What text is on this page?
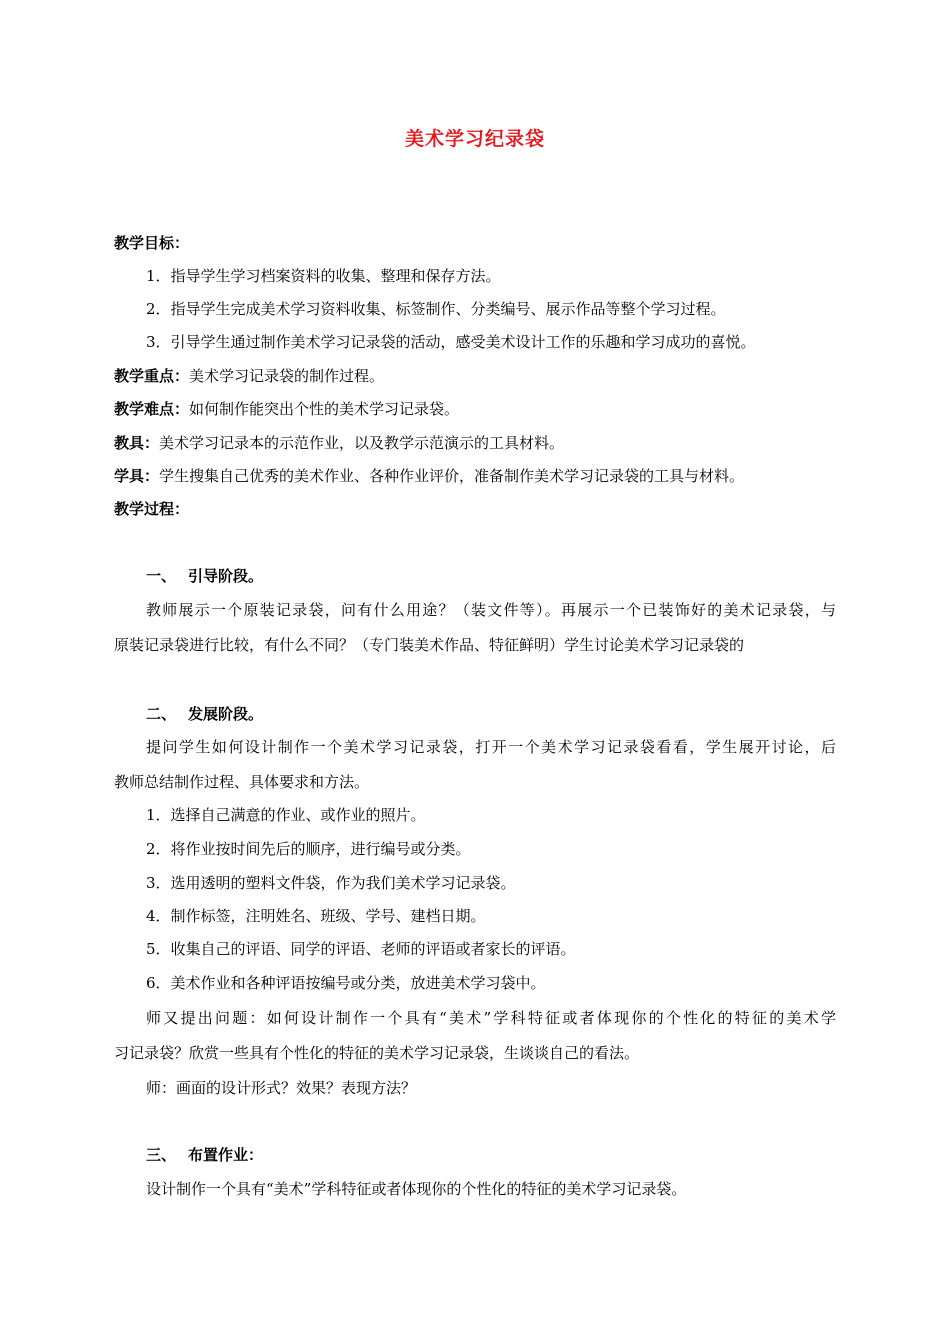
美术学习纪录袋
教学目标：
1．指导学生学习档案资料的收集、整理和保存方法。
2．指导学生完成美术学习资料收集、标签制作、分类编号、展示作品等整个学习过程。
3．引导学生通过制作美术学习记录袋的活动，感受美术设计工作的乐趣和学习成功的喜悦。
教学重点：美术学习记录袋的制作过程。
教学难点：如何制作能突出个性的美术学习记录袋。
教具：美术学习记录本的示范作业，以及教学示范演示的工具材料。
学具：学生搜集自己优秀的美术作业、各种作业评价，准备制作美术学习记录袋的工具与材料。
教学过程：
一、 引导阶段。
教师展示一个原装记录袋，问有什么用途？（装文件等）。再展示一个已装饰好的美术记录袋，与
原装记录袋进行比较，有什么不同？（专门装美术作品、特征鲜明）学生讨论美术学习记录袋的
二、 发展阶段。
提问学生如何设计制作一个美术学习记录袋，打开一个美术学习记录袋看看，学生展开讨论，后
教师总结制作过程、具体要求和方法。
1．选择自己满意的作业、或作业的照片。
2．将作业按时间先后的顺序，进行编号或分类。
3．选用透明的塑料文件袋，作为我们美术学习记录袋。
4．制作标签，注明姓名、班级、学号、建档日期。
5．收集自己的评语、同学的评语、老师的评语或者家长的评语。
6．美术作业和各种评语按编号或分类，放进美术学习袋中。
师又提出问题：如何设计制作一个具有“美术”学科特征或者体现你的个性化的特征的美术学
习记录袋？欣赏一些具有个性化的特征的美术学习记录袋，生谈谈自己的看法。
师：画面的设计形式？效果？表现方法？
三、 布置作业：
设计制作一个具有“美术”学科特征或者体现你的个性化的特征的美术学习记录袋。
